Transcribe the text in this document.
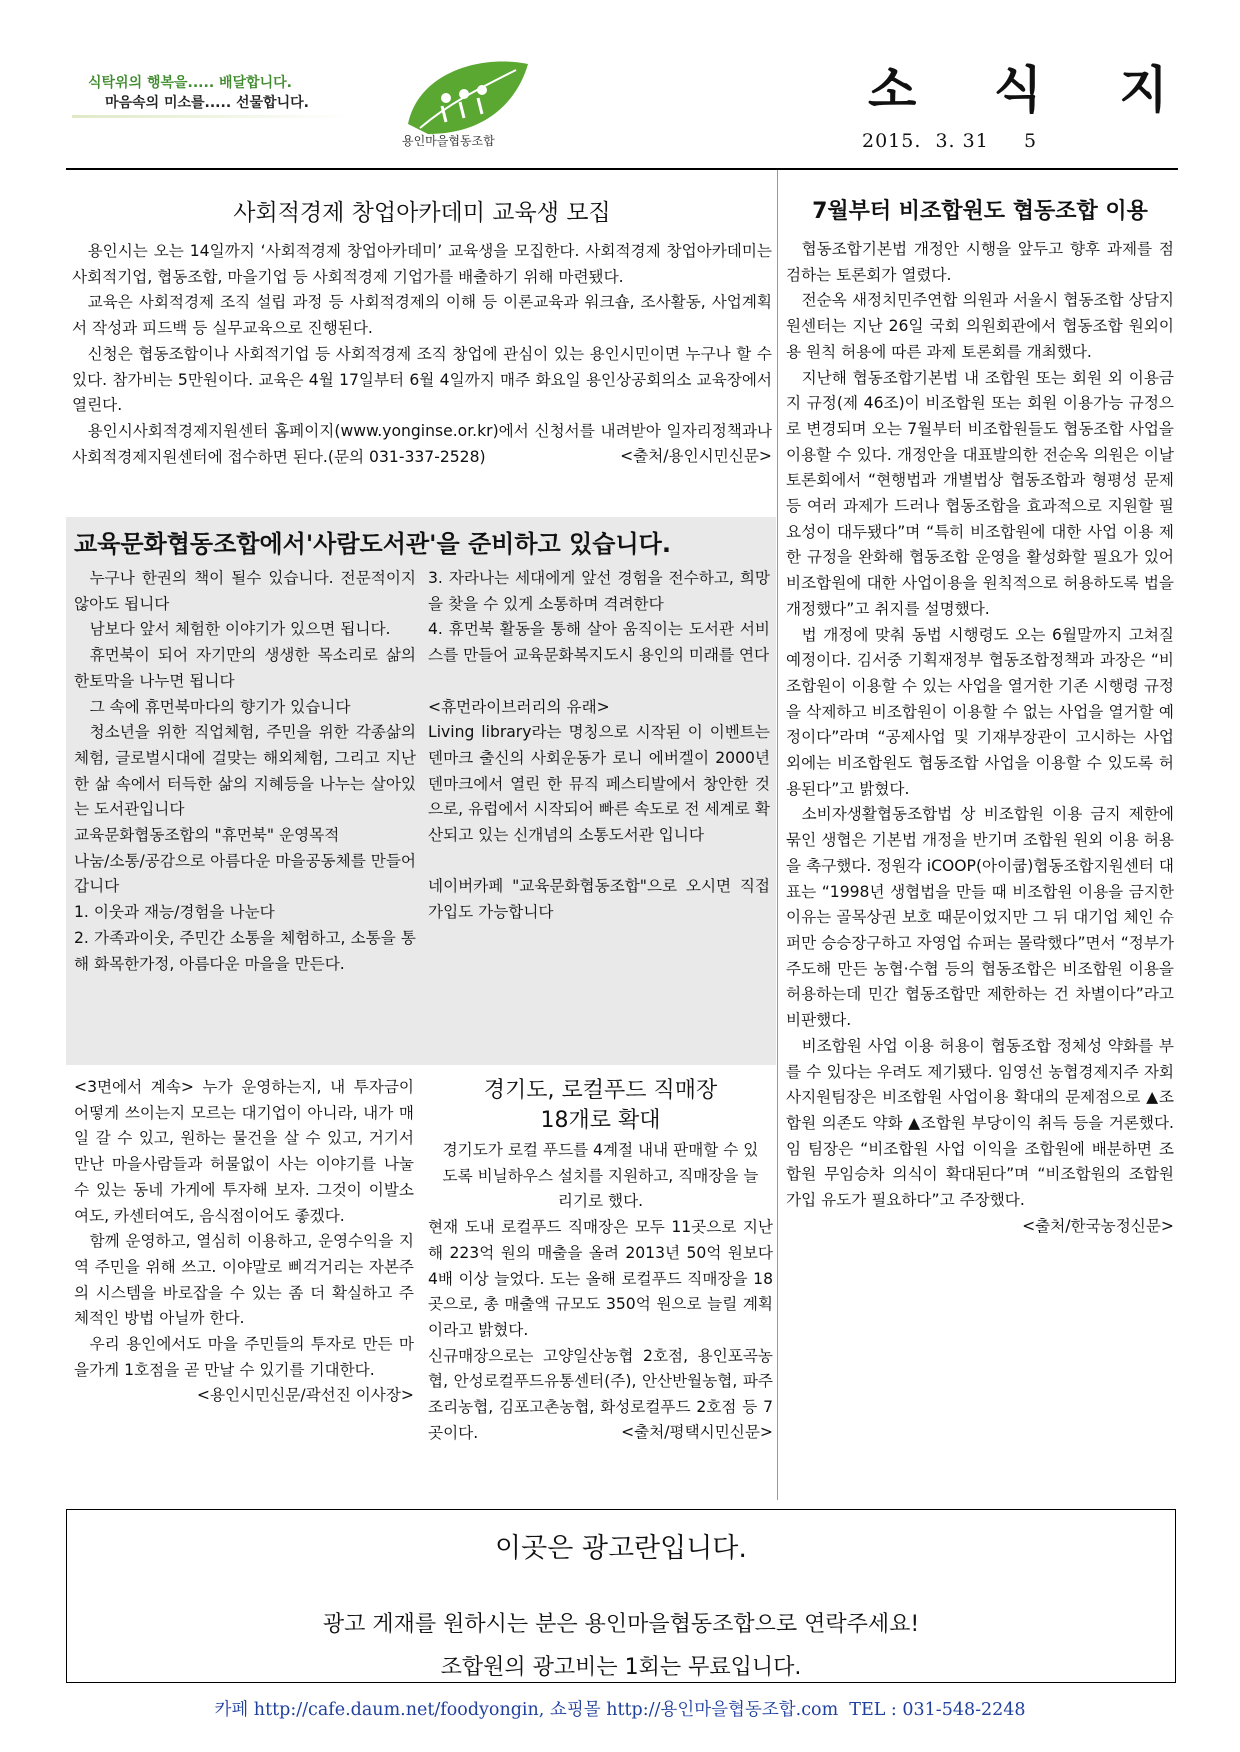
식탁위의 행복을..... 배달합니다.
마음속의 미소를..... 선물합니다.
용인마을협동조합
소 식 지
2015.  3. 31     5
사회적경제 창업아카데미 교육생 모집

용인시는 오는 14일까지 ‘사회적경제 창업아카데미’ 교육생을 모집한다. 사회적경제 창업아카데미는 사회적기업, 협동조합, 마을기업 등 사회적경제 기업가를 배출하기 위해 마련됐다.

교육은 사회적경제 조직 설립 과정 등 사회적경제의 이해 등 이론교육과 워크숍, 조사활동, 사업계획서 작성과 피드백 등 실무교육으로 진행된다.

신청은 협동조합이나 사회적기업 등 사회적경제 조직 창업에 관심이 있는 용인시민이면 누구나 할 수 있다. 참가비는 5만원이다. 교육은 4월 17일부터 6월 4일까지 매주 화요일 용인상공회의소 교육장에서 열린다.

용인시사회적경제지원센터 홈페이지(www.yonginse.or.kr)에서 신청서를 내려받아 일자리정책과나 사회적경제지원센터에 접수하면 된다.(문의 031-337-2528)	<출처/용인시민신문>

교육문화협동조합에서'사람도서관'을 준비하고 있습니다.

누구나 한권의 책이 될수 있습니다. 전문적이지 않아도 됩니다

남보다 앞서 체험한 이야기가 있으면 됩니다.

휴먼북이 되어 자기만의 생생한 목소리로 삶의 한토막을 나누면 됩니다

그 속에 휴먼북마다의 향기가 있습니다

청소년을 위한 직업체험, 주민을 위한 각종삶의 체험, 글로벌시대에 걸맞는 해외체험, 그리고 지난한 삶 속에서 터득한 삶의 지혜등을 나누는 살아있는 도서관입니다

교육문화협동조합의 "휴먼북" 운영목적

나눔/소통/공감으로 아름다운 마을공동체를 만들어 갑니다

1. 이웃과 재능/경험을 나눈다

2. 가족과이웃, 주민간 소통을 체험하고, 소통을 통해 화목한가정, 아름다운 마을을 만든다.

3. 자라나는 세대에게 앞선 경험을 전수하고, 희망을 찾을 수 있게 소통하며 격려한다

4. 휴먼북 활동을 통해 살아 움직이는 도서관 서비스를 만들어 교육문화복지도시 용인의 미래를 연다

<휴먼라이브러리의 유래>

Living library라는 명칭으로 시작된 이 이벤트는 덴마크 출신의 사회운동가 로니 에버겔이 2000년 덴마크에서 열린 한 뮤직 페스티발에서 창안한 것으로, 유럽에서 시작되어 빠른 속도로 전 세계로 확산되고 있는 신개념의 소통도서관 입니다

네이버카페 "교육문화협동조합"으로 오시면 직접 가입도 가능합니다

<3면에서 계속> 누가 운영하는지, 내 투자금이 어떻게 쓰이는지 모르는 대기업이 아니라, 내가 매일 갈 수 있고, 원하는 물건을 살 수 있고, 거기서 만난 마을사람들과 허물없이 사는 이야기를 나눌 수 있는 동네 가게에 투자해 보자. 그것이 이발소여도, 카센터여도, 음식점이어도 좋겠다.

함께 운영하고, 열심히 이용하고, 운영수익을 지역 주민을 위해 쓰고. 이야말로 삐걱거리는 자본주의 시스템을 바로잡을 수 있는 좀 더 확실하고 주체적인 방법 아닐까 한다.

우리 용인에서도 마을 주민들의 투자로 만든 마을가게 1호점을 곧 만날 수 있기를 기대한다.

<용인시민신문/곽선진 이사장>

경기도, 로컬푸드 직매장
18개로 확대

경기도가 로컬 푸드를 4계절 내내 판매할 수 있도록 비닐하우스 설치를 지원하고, 직매장을 늘리기로 했다.

현재 도내 로컬푸드 직매장은 모두 11곳으로 지난해 223억 원의 매출을 올려 2013년 50억 원보다 4배 이상 늘었다. 도는 올해 로컬푸드 직매장을 18곳으로, 총 매출액 규모도 350억 원으로 늘릴 계획이라고 밝혔다.

신규매장으로는 고양일산농협 2호점, 용인포곡농협, 안성로컬푸드유통센터(주), 안산반월농협, 파주조리농협, 김포고촌농협, 화성로컬푸드 2호점 등 7곳이다.	<출처/평택시민신문>

7월부터 비조합원도 협동조합 이용

협동조합기본법 개정안 시행을 앞두고 향후 과제를 점검하는 토론회가 열렸다.

전순옥 새정치민주연합 의원과 서울시 협동조합 상담지원센터는 지난 26일 국회 의원회관에서 협동조합 원외이용 원칙 허용에 따른 과제 토론회를 개최했다.

지난해 협동조합기본법 내 조합원 또는 회원 외 이용금지 규정(제 46조)이 비조합원 또는 회원 이용가능 규정으로 변경되며 오는 7월부터 비조합원들도 협동조합 사업을 이용할 수 있다. 개정안을 대표발의한 전순옥 의원은 이날 토론회에서 “현행법과 개별법상 협동조합과 형평성 문제 등 여러 과제가 드러나 협동조합을 효과적으로 지원할 필요성이 대두됐다”며 “특히 비조합원에 대한 사업 이용 제한 규정을 완화해 협동조합 운영을 활성화할 필요가 있어 비조합원에 대한 사업이용을 원칙적으로 허용하도록 법을 개정했다”고 취지를 설명했다.

법 개정에 맞춰 동법 시행령도 오는 6월말까지 고쳐질 예정이다. 김서중 기획재정부 협동조합정책과 과장은 “비조합원이 이용할 수 있는 사업을 열거한 기존 시행령 규정을 삭제하고 비조합원이 이용할 수 없는 사업을 열거할 예정이다”라며 “공제사업 및 기재부장관이 고시하는 사업 외에는 비조합원도 협동조합 사업을 이용할 수 있도록 허용된다”고 밝혔다.

소비자생활협동조합법 상 비조합원 이용 금지 제한에 묶인 생협은 기본법 개정을 반기며 조합원 원외 이용 허용을 촉구했다. 정원각 iCOOP(아이쿱)협동조합지원센터 대표는 “1998년 생협법을 만들 때 비조합원 이용을 금지한 이유는 골목상권 보호 때문이었지만 그 뒤 대기업 체인 슈퍼만 승승장구하고 자영업 슈퍼는 몰락했다”면서 “정부가 주도해 만든 농협·수협 등의 협동조합은 비조합원 이용을 허용하는데 민간 협동조합만 제한하는 건 차별이다”라고 비판했다.

비조합원 사업 이용 허용이 협동조합 정체성 약화를 부를 수 있다는 우려도 제기됐다. 임영선 농협경제지주 자회사지원팀장은 비조합원 사업이용 확대의 문제점으로 ▲조합원 의존도 약화 ▲조합원 부당이익 취득 등을 거론했다. 임 팀장은 “비조합원 사업 이익을 조합원에 배분하면 조합원 무임승차 의식이 확대된다”며 “비조합원의 조합원 가입 유도가 필요하다”고 주장했다.

<출처/한국농정신문>

이곳은 광고란입니다.
광고 게재를 원하시는 분은 용인마을협동조합으로 연락주세요!
조합원의 광고비는 1회는 무료입니다.
카페 http://cafe.daum.net/foodyongin, 쇼핑몰 http://용인마을협동조합.com  TEL : 031-548-2248
